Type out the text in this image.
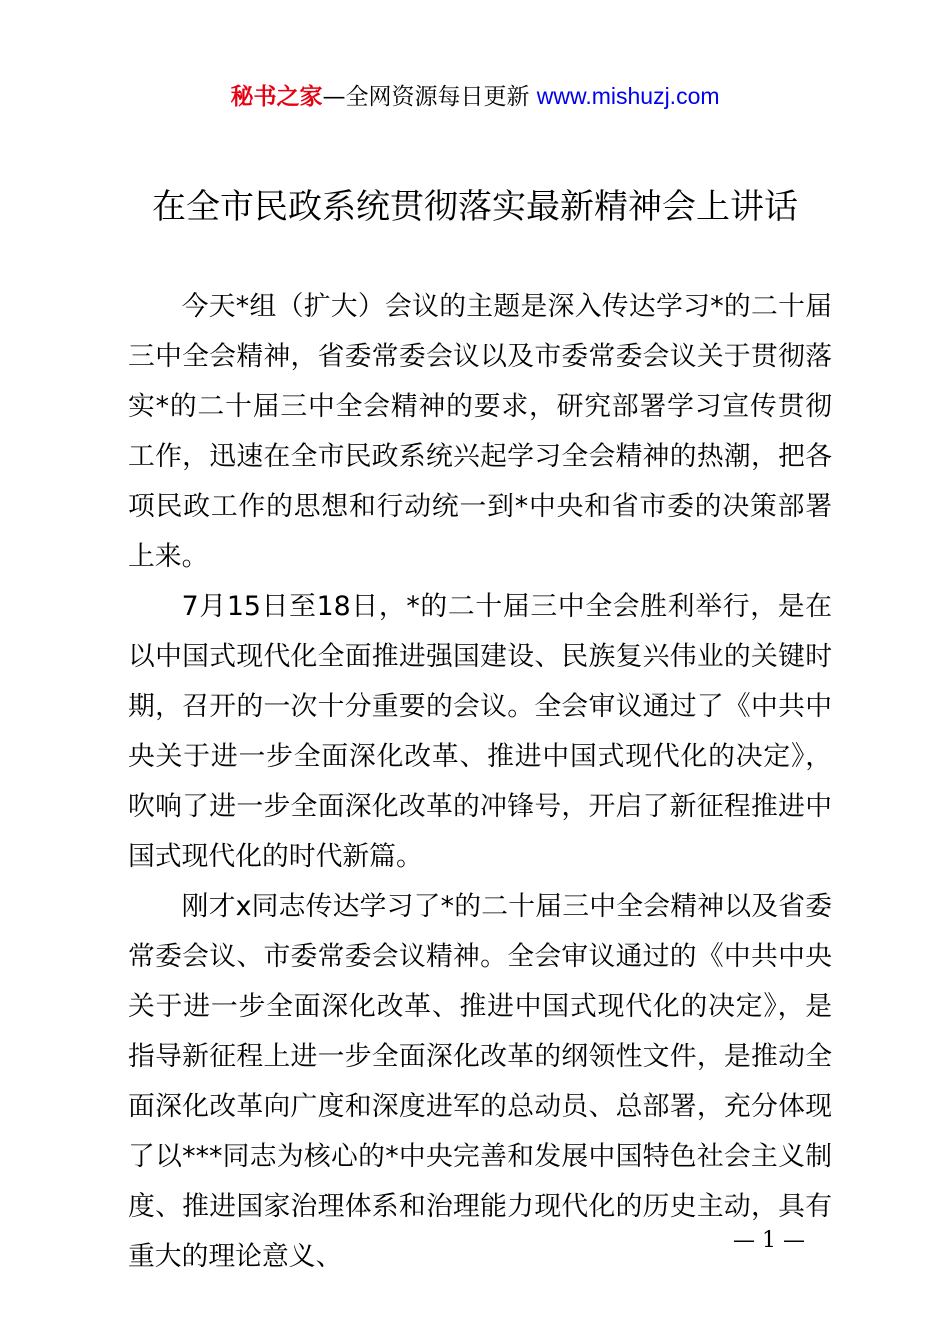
秘书之家—全网资源每日更新 www.mishuzj.com
在全市民政系统贯彻落实最新精神会上讲话

今天*组（扩大）会议的主题是深入传达学习*的二十届三中全会精神，省委常委会议以及市委常委会议关于贯彻落实*的二十届三中全会精神的要求，研究部署学习宣传贯彻工作，迅速在全市民政系统兴起学习全会精神的热潮，把各项民政工作的思想和行动统一到*中央和省市委的决策部署上来。

7月15日至18日，*的二十届三中全会胜利举行，是在以中国式现代化全面推进强国建设、民族复兴伟业的关键时期，召开的一次十分重要的会议。全会审议通过了《中共中央关于进一步全面深化改革、推进中国式现代化的决定》，吹响了进一步全面深化改革的冲锋号，开启了新征程推进中国式现代化的时代新篇。

刚才x同志传达学习了*的二十届三中全会精神以及省委常委会议、市委常委会议精神。全会审议通过的《中共中央关于进一步全面深化改革、推进中国式现代化的决定》，是指导新征程上进一步全面深化改革的纲领性文件，是推动全面深化改革向广度和深度进军的总动员、总部署，充分体现了以***同志为核心的*中央完善和发展中国特色社会主义制度、推进国家治理体系和治理能力现代化的历史主动，具有重大的理论意义、

— 1 —
